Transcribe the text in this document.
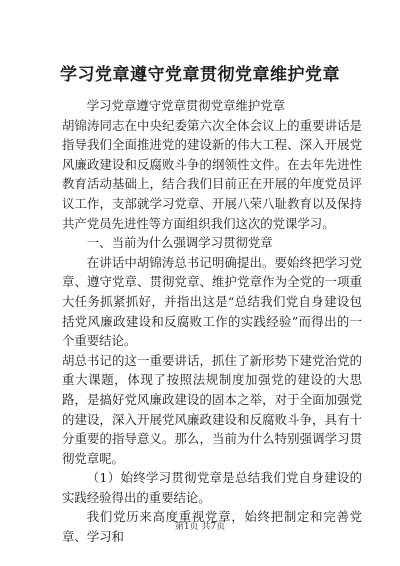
学习党章遵守党章贯彻党章维护党章

学习党章遵守党章贯彻党章维护党章

胡锦涛同志在中央纪委第六次全体会议上的重要讲话是指导我们全面推进党的建设新的伟大工程、深入开展党风廉政建设和反腐败斗争的纲领性文件。在去年先进性教育活动基础上，结合我们目前正在开展的年度党员评议工作，支部就学习党章、开展八荣八耻教育以及保持共产党员先进性等方面组织我们这次的党课学习。

一、当前为什么强调学习贯彻党章

在讲话中胡锦涛总书记明确提出。要始终把学习党章、遵守党章、贯彻党章、维护党章作为全党的一项重大任务抓紧抓好，并指出这是“总结我们党自身建设包括党风廉政建设和反腐败工作的实践经验”而得出的一个重要结论。

胡总书记的这一重要讲话，抓住了新形势下建党治党的重大课题，体现了按照法规制度加强党的建设的大思路，是搞好党风廉政建设的固本之举，对于全面加强党的建设，深入开展党风廉政建设和反腐败斗争，具有十分重要的指导意义。那么，当前为什么特别强调学习贯彻党章呢。

（1）始终学习贯彻党章是总结我们党自身建设的实践经验得出的重要结论。

我们党历来高度重视党章，始终把制定和完善党章、学习和

第1页 共7页
